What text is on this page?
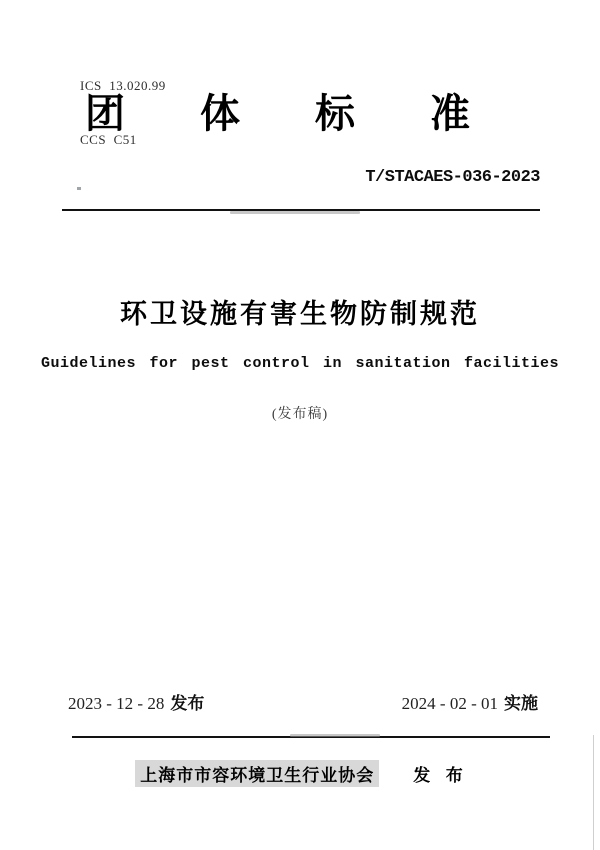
ICS  13.020.99

CCS  C51

团 体 标 准
T/STACAES-036-2023
环卫设施有害生物防制规范
Guidelines for pest control in sanitation facilities
(发布稿)
2023 - 12 - 28 发布	2024 - 02 - 01 实施
上海市市容环境卫生行业协会 发  布
